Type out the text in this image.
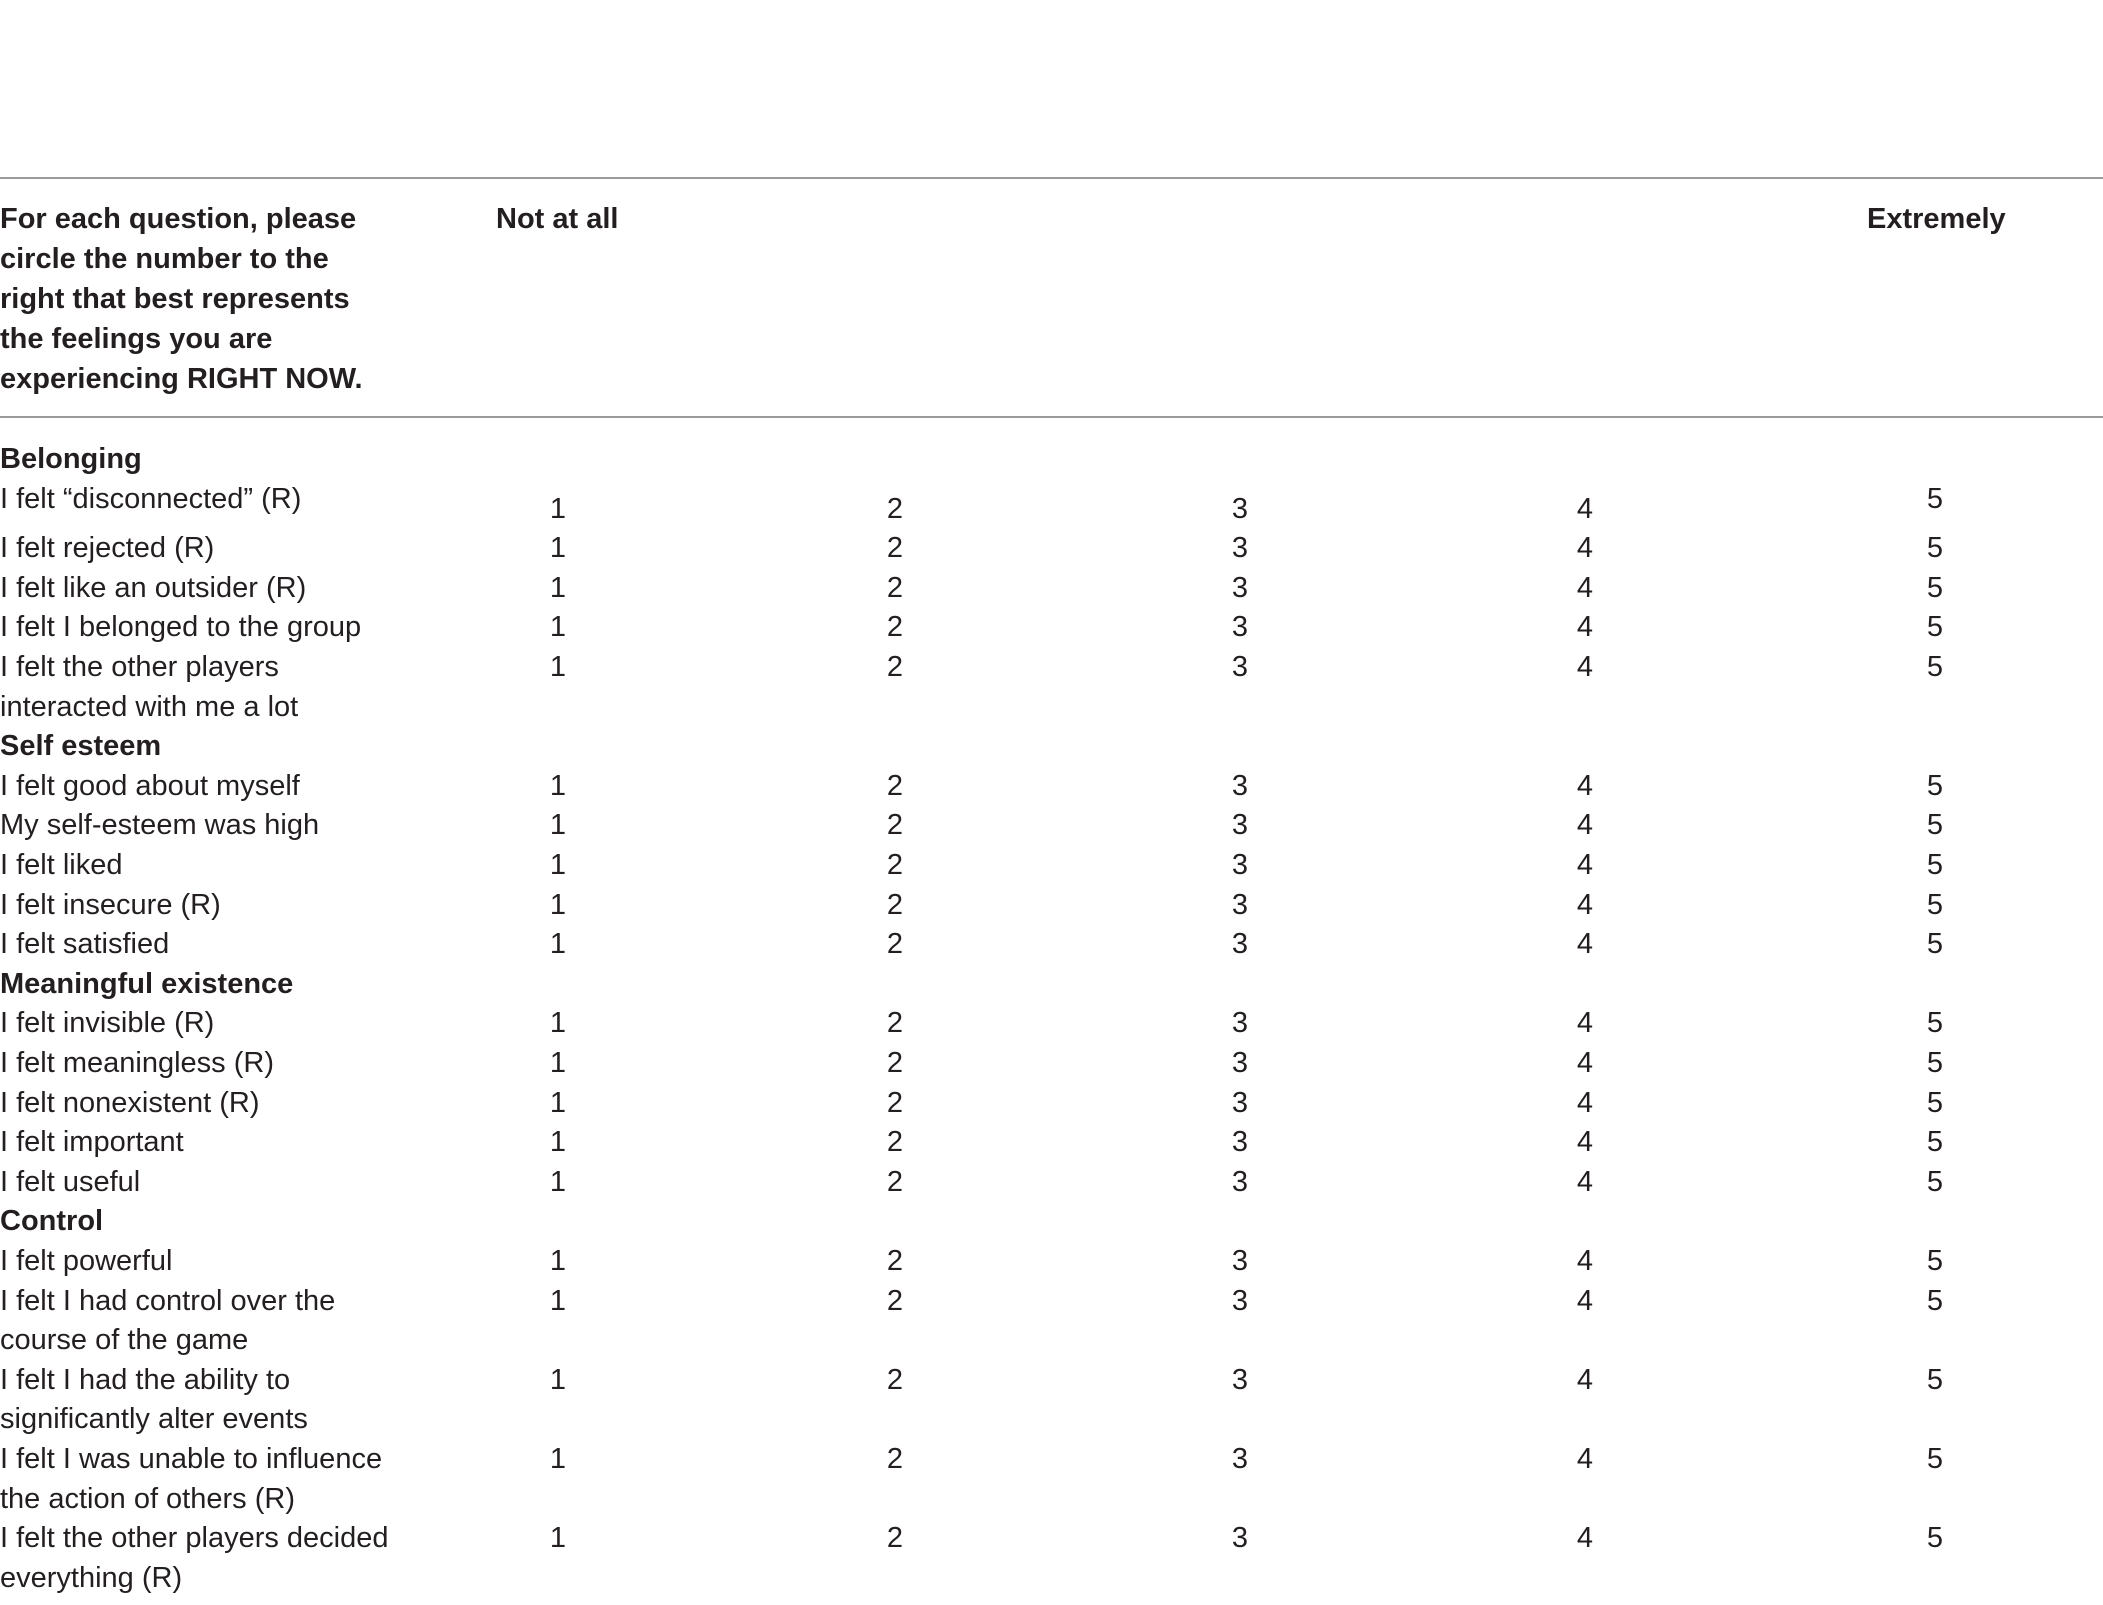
For each question, please circle the number to the right that best represents the feelings you are experiencing RIGHT NOW.
Not at all	Extremely
Belonging
I felt “disconnected” (R)	1	2	3	4	5
I felt rejected (R)	1	2	3	4	5
I felt like an outsider (R)	1	2	3	4	5
I felt I belonged to the group	1	2	3	4	5
I felt the other players
interacted with me a lot
1	2	3	4	5
Self esteem
I felt good about myself	1	2	3	4	5
My self-esteem was high	1	2	3	4	5
I felt liked	1	2	3	4	5
I felt insecure (R)	1	2	3	4	5
I felt satisfied	1	2	3	4	5
Meaningful existence
I felt invisible (R)	1	2	3	4	5
I felt meaningless (R)	1	2	3	4	5
I felt nonexistent (R)	1	2	3	4	5
I felt important	1	2	3	4	5
I felt useful	1	2	3	4	5
Control
I felt powerful	1	2	3	4	5
I felt I had control over the
course of the game
1	2	3	4	5
I felt I had the ability to
significantly alter events
1	2	3	4	5
I felt I was unable to influence
the action of others (R)
1	2	3	4	5
I felt the other players decided
everything (R)
1	2	3	4	5
